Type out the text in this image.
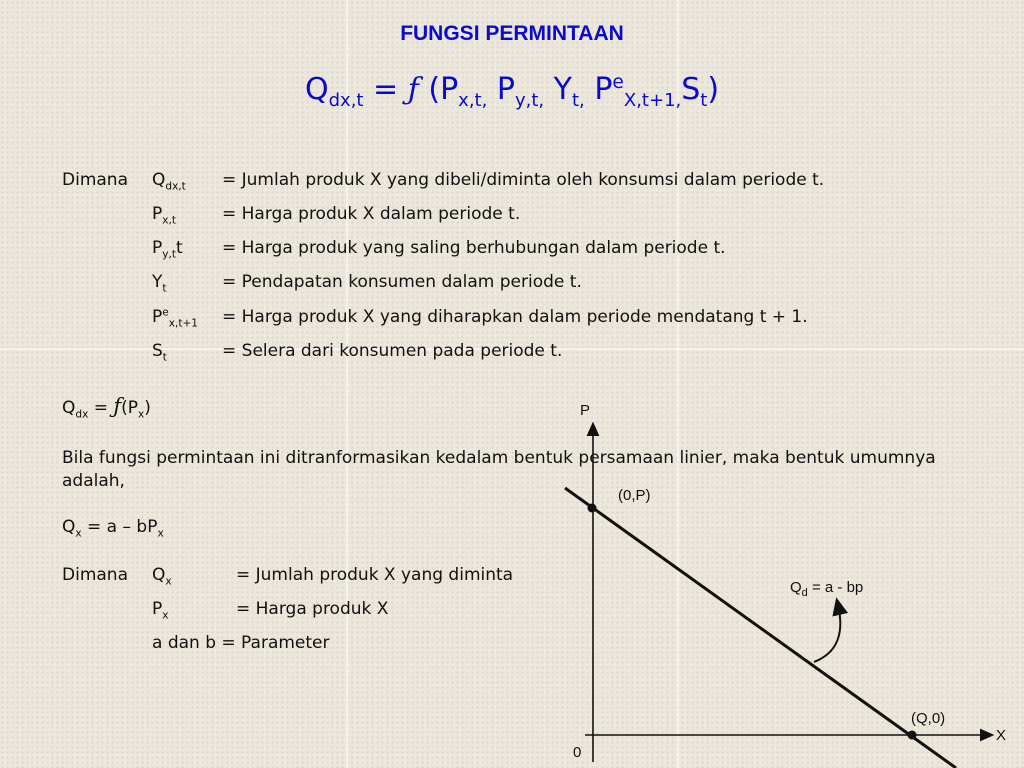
FUNGSI PERMINTAAN
$Q_{dx,t}$ = ƒ ($P_{x,t,}$ $P_{y,t,}$ $Y_{t,}$ $P^e_{X,t+1,}S_t$)
Dimana $Q_{dx,t}$ = Jumlah produk X yang dibeli/diminta oleh konsumsi dalam periode t.
$P_{x,t}$	= Harga produk X dalam periode t.
$P_{y,t}t$ = Harga produk yang saling berhubungan dalam periode t.
$Y_t$	= Pendapatan konsumen dalam periode t.
$P^e_{x,t+1}$ = Harga produk X yang diharapkan dalam periode mendatang t + 1.
$S_t$	= Selera dari konsumen pada periode t.
$Q_{dx}$ = $ƒ(P_x)$
Bila fungsi permintaan ini ditranformasikan kedalam bentuk persamaan linier, maka bentuk umumnya adalah,
$Q_x = a - bP_x$
Dimana $Q_x$	= Jumlah produk X yang diminta
$P_x$	= Harga produk X
a dan b = Parameter
P
X
0
(0,P)
(Q,0)
$Q_d = a$ - bp
